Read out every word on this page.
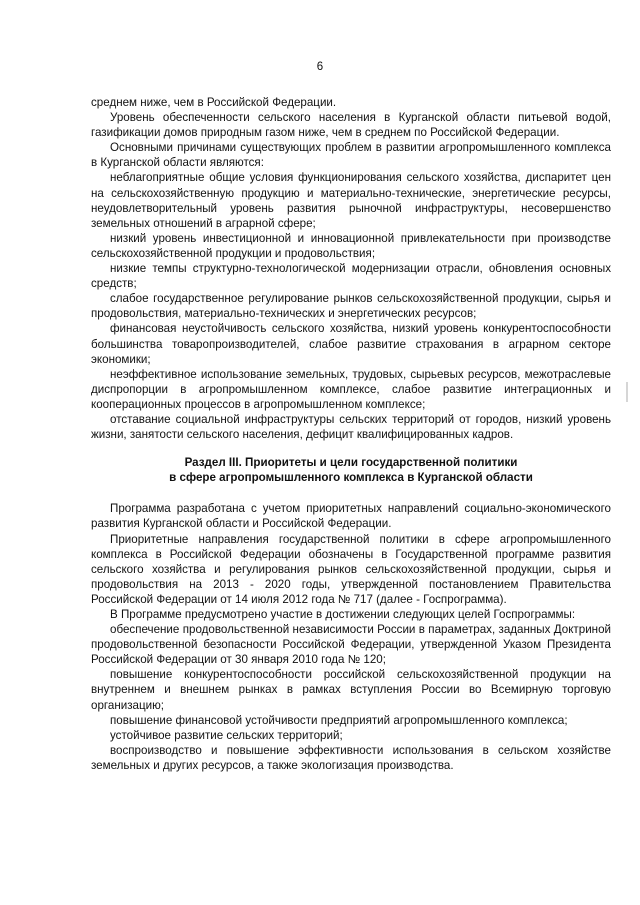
6

среднем ниже, чем в Российской Федерации.

Уровень обеспеченности сельского населения в Курганской области питьевой водой, газификации домов природным газом ниже, чем в среднем по Российской Федерации.

Основными причинами существующих проблем в развитии агропромышленного комплекса в Курганской области являются:

неблагоприятные общие условия функционирования сельского хозяйства, диспаритет цен на сельскохозяйственную продукцию и материально-технические, энергетические ресурсы, неудовлетворительный уровень развития рыночной инфраструктуры, несовершенство земельных отношений в аграрной сфере;

низкий уровень инвестиционной и инновационной привлекательности при производстве сельскохозяйственной продукции и продовольствия;

низкие темпы структурно-технологической модернизации отрасли, обновления основных средств;

слабое государственное регулирование рынков сельскохозяйственной продукции, сырья и продовольствия, материально-технических и энергетических ресурсов;

финансовая неустойчивость сельского хозяйства, низкий уровень конкурентоспособности большинства товаропроизводителей, слабое развитие страхования в аграрном секторе экономики;

неэффективное использование земельных, трудовых, сырьевых ресурсов, межотраслевые диспропорции в агропромышленном комплексе, слабое развитие интеграционных и кооперационных процессов в агропромышленном комплексе;

отставание социальной инфраструктуры сельских территорий от городов, низкий уровень жизни, занятости сельского населения, дефицит квалифицированных кадров.

Раздел III. Приоритеты и цели государственной политики
в сфере агропромышленного комплекса в Курганской области

Программа разработана с учетом приоритетных направлений социально-экономического развития Курганской области и Российской Федерации.

Приоритетные направления государственной политики в сфере агропромышленного комплекса в Российской Федерации обозначены в Государственной программе развития сельского хозяйства и регулирования рынков сельскохозяйственной продукции, сырья и продовольствия на 2013 - 2020 годы, утвержденной постановлением Правительства Российской Федерации от 14 июля 2012 года № 717 (далее - Госпрограмма).

В Программе предусмотрено участие в достижении следующих целей Госпрограммы:

обеспечение продовольственной независимости России в параметрах, заданных Доктриной продовольственной безопасности Российской Федерации, утвержденной Указом Президента Российской Федерации от 30 января 2010 года № 120;

повышение конкурентоспособности российской сельскохозяйственной продукции на внутреннем и внешнем рынках в рамках вступления России во Всемирную торговую организацию;

повышение финансовой устойчивости предприятий агропромышленного комплекса;

устойчивое развитие сельских территорий;

воспроизводство и повышение эффективности использования в сельском хозяйстве земельных и других ресурсов, а также экологизация производства.
